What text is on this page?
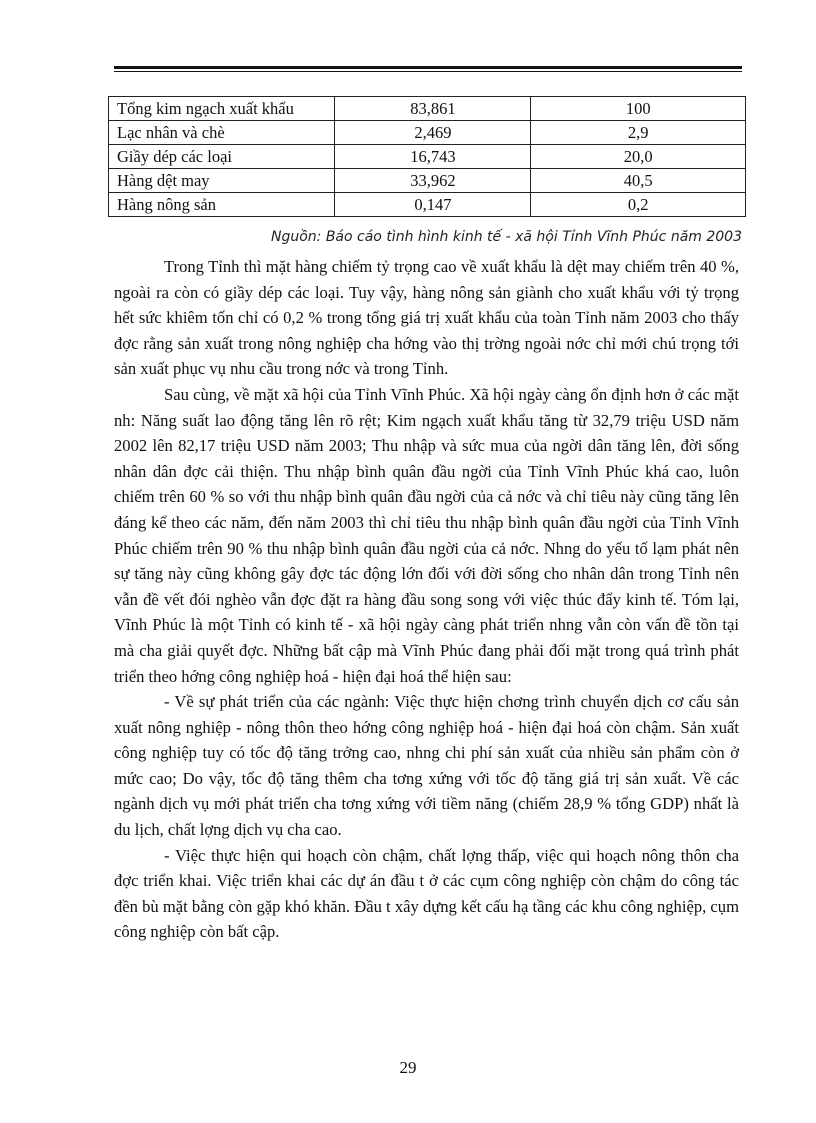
Tổng kim ngạch xuất khẩu	83,861	100
Lạc nhân và chè	2,469	2,9
Giầy dép các loại	16,743	20,0
Hàng dệt may	33,962	40,5
Hàng nông sản	0,147	0,2
Nguồn: Báo cáo tình hình kinh tế - xã hội Tỉnh Vĩnh Phúc năm 2003

Trong Tỉnh thì mặt hàng chiếm tỷ trọng cao về xuất khẩu là dệt may chiếm trên 40 %, ngoài ra còn có giầy dép các loại. Tuy vậy, hàng nông sản giành cho xuất khẩu với tỷ trọng hết sức khiêm tốn chỉ có 0,2 % trong tổng giá trị xuất khẩu của toàn Tỉnh năm 2003 cho thấy đợc rằng sản xuất trong nông nghiệp cha hớng vào thị trờng ngoài nớc chỉ mới chú trọng tới sản xuất phục vụ nhu cầu trong nớc và trong Tỉnh.

Sau cùng, về mặt xã hội của Tỉnh Vĩnh Phúc. Xã hội ngày càng ổn định hơn ở các mặt nh: Năng suất lao động tăng lên rõ rệt; Kim ngạch xuất khẩu tăng từ 32,79 triệu USD năm 2002 lên 82,17 triệu USD năm 2003; Thu nhập và sức mua của ngời dân tăng lên, đời sống nhân dân đợc cải thiện. Thu nhập bình quân đầu ngời của Tỉnh Vĩnh Phúc khá cao, luôn chiếm trên 60 % so với thu nhập bình quân đầu ngời của cả nớc và chỉ tiêu này cũng tăng lên đáng kể theo các năm, đến năm 2003 thì chỉ tiêu thu nhập bình quân đầu ngời của Tỉnh Vĩnh Phúc chiếm trên 90 % thu nhập bình quân đầu ngời của cả nớc. Nhng do yếu tố lạm phát nên sự tăng này cũng không gây đợc tác động lớn đối với đời sống cho nhân dân trong Tỉnh nên vẫn đề vết đói nghèo vẫn đợc đặt ra hàng đầu song song với việc thúc đẩy kinh tế. Tóm lại, Vĩnh Phúc là một Tỉnh có kinh tế - xã hội ngày càng phát triển nhng vẫn còn vấn đề tồn tại mà cha giải quyết đợc. Những bất cập mà Vĩnh Phúc đang phải đối mặt trong quá trình phát triển theo hớng công nghiệp hoá - hiện đại hoá thể hiện sau:

- Về sự phát triển của các ngành: Việc thực hiện chơng trình chuyển dịch cơ cấu sản xuất nông nghiệp - nông thôn theo hớng công nghiệp hoá - hiện đại hoá còn chậm. Sản xuất công nghiệp tuy có tốc độ tăng trởng cao, nhng chi phí sản xuất của nhiều sản phẩm còn ở mức cao; Do vậy, tốc độ tăng thêm cha tơng xứng với tốc độ tăng giá trị sản xuất. Về các ngành dịch vụ mới phát triển cha tơng xứng với tiềm năng (chiếm 28,9 % tổng GDP) nhất là du lịch, chất lợng dịch vụ cha cao.

- Việc thực hiện qui hoạch còn chậm, chất lợng thấp, việc qui hoạch nông thôn cha đợc triển khai. Việc triển khai các dự án đầu t ở các cụm công nghiệp còn chậm do công tác đền bù mặt bằng còn gặp khó khăn. Đầu t xây dựng kết cấu hạ tầng các khu công nghiệp, cụm công nghiệp còn bất cập.

29
